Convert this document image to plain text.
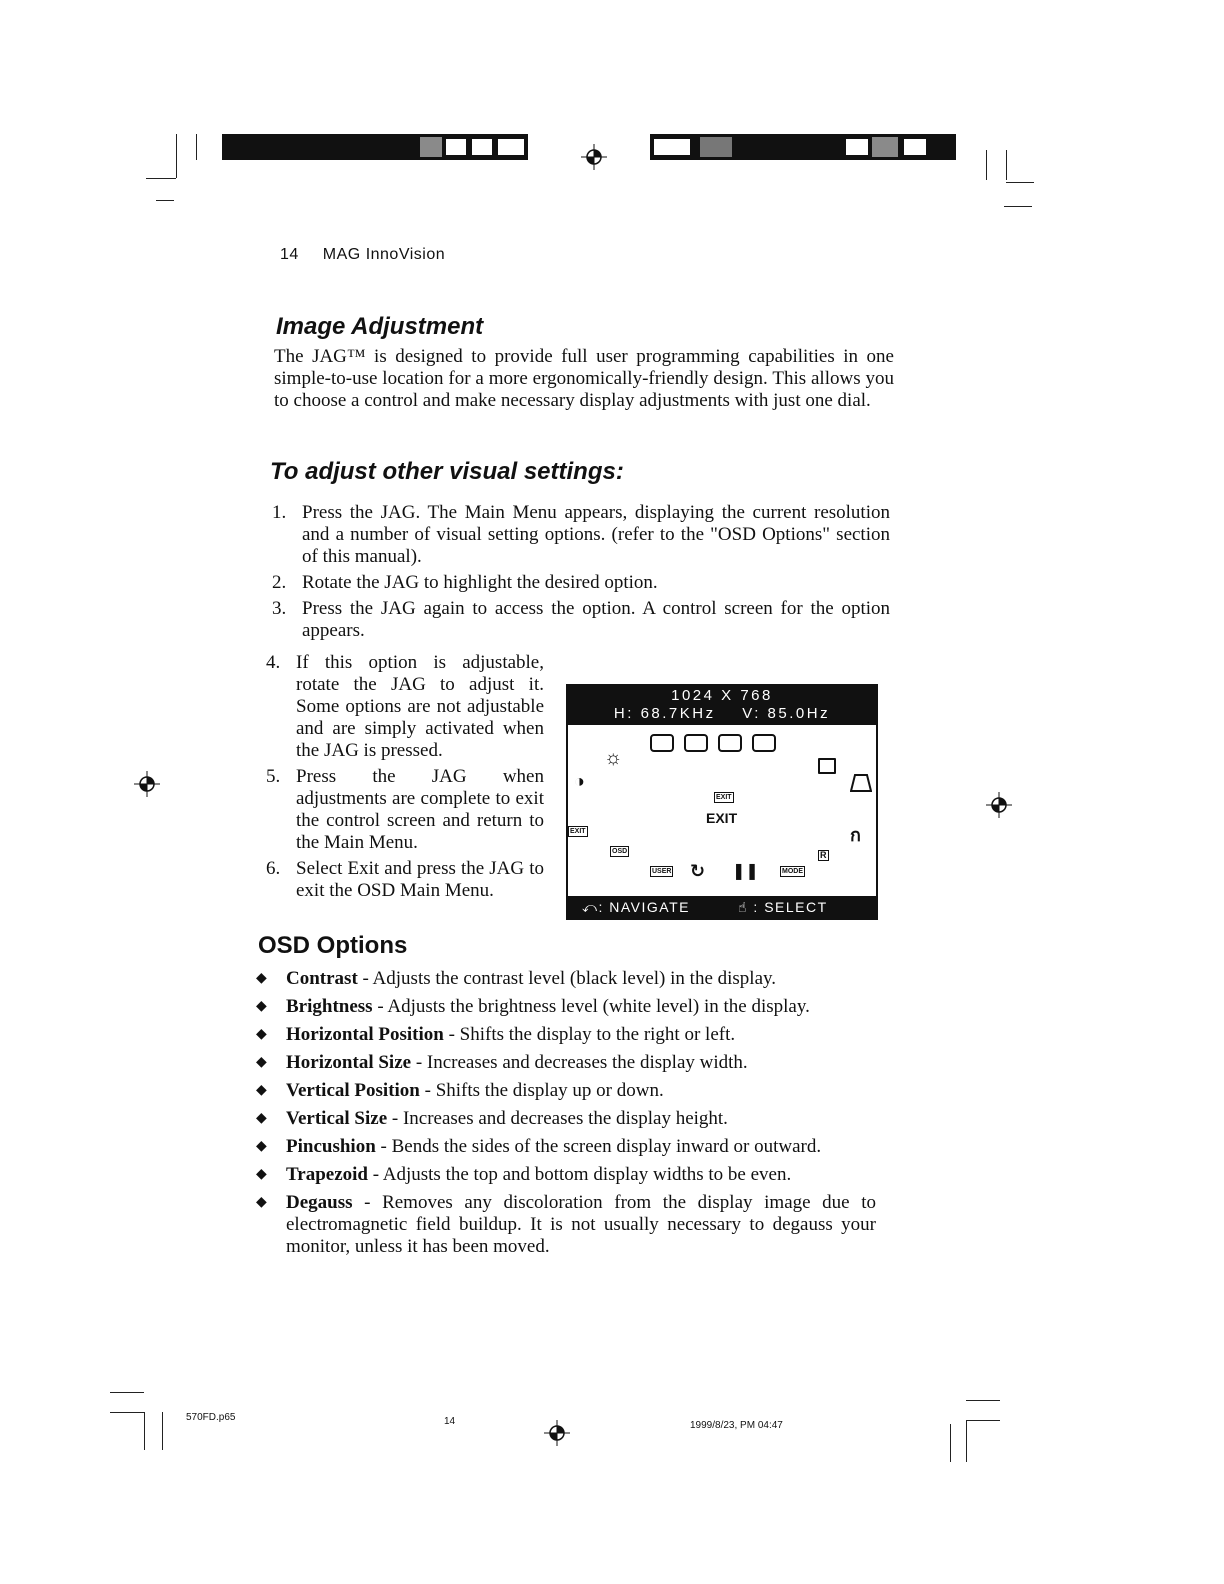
14 MAG InnoVision
Image Adjustment
The JAG™ is designed to provide full user programming capabilities in one simple-to-use location for a more ergonomically-friendly design. This allows you to choose a control and make necessary display adjustments with just one dial.
To adjust other visual settings:
1. Press the JAG. The Main Menu appears, displaying the current resolution and a number of visual setting options. (refer to the "OSD Options" section of this manual).
2. Rotate the JAG to highlight the desired option.
3. Press the JAG again to access the option. A control screen for the option appears.
4. If this option is adjustable, rotate the JAG to adjust it. Some options are not adjustable and are simply activated when the JAG is pressed.
5. Press the JAG when adjustments are complete to exit the control screen and return to the Main Menu.
6. Select Exit and press the JAG to exit the OSD Main Menu.
1024 X 768
H: 68.7KHz    V: 85.0Hz
☼
◑
EXIT
EXIT
EXIT	ก
OSD	R
USER ↻ ❚❚	MODE
⤺: NAVIGATE	☝ : SELECT
OSD Options
◆ Contrast - Adjusts the contrast level (black level) in the display.
◆ Brightness - Adjusts the brightness level (white level) in the display.
◆ Horizontal Position - Shifts the display to the right or left.
◆ Horizontal Size - Increases and decreases the display width.
◆ Vertical Position - Shifts the display up or down.
◆ Vertical Size - Increases and decreases the display height.
◆ Pincushion - Bends the sides of the screen display inward or outward.
◆ Trapezoid - Adjusts the top and bottom display widths to be even.
◆ Degauss - Removes any discoloration from the display image due to electromagnetic field buildup. It is not usually necessary to degauss your monitor, unless it has been moved.
570FD.p65	14	1999/8/23, PM 04:47
